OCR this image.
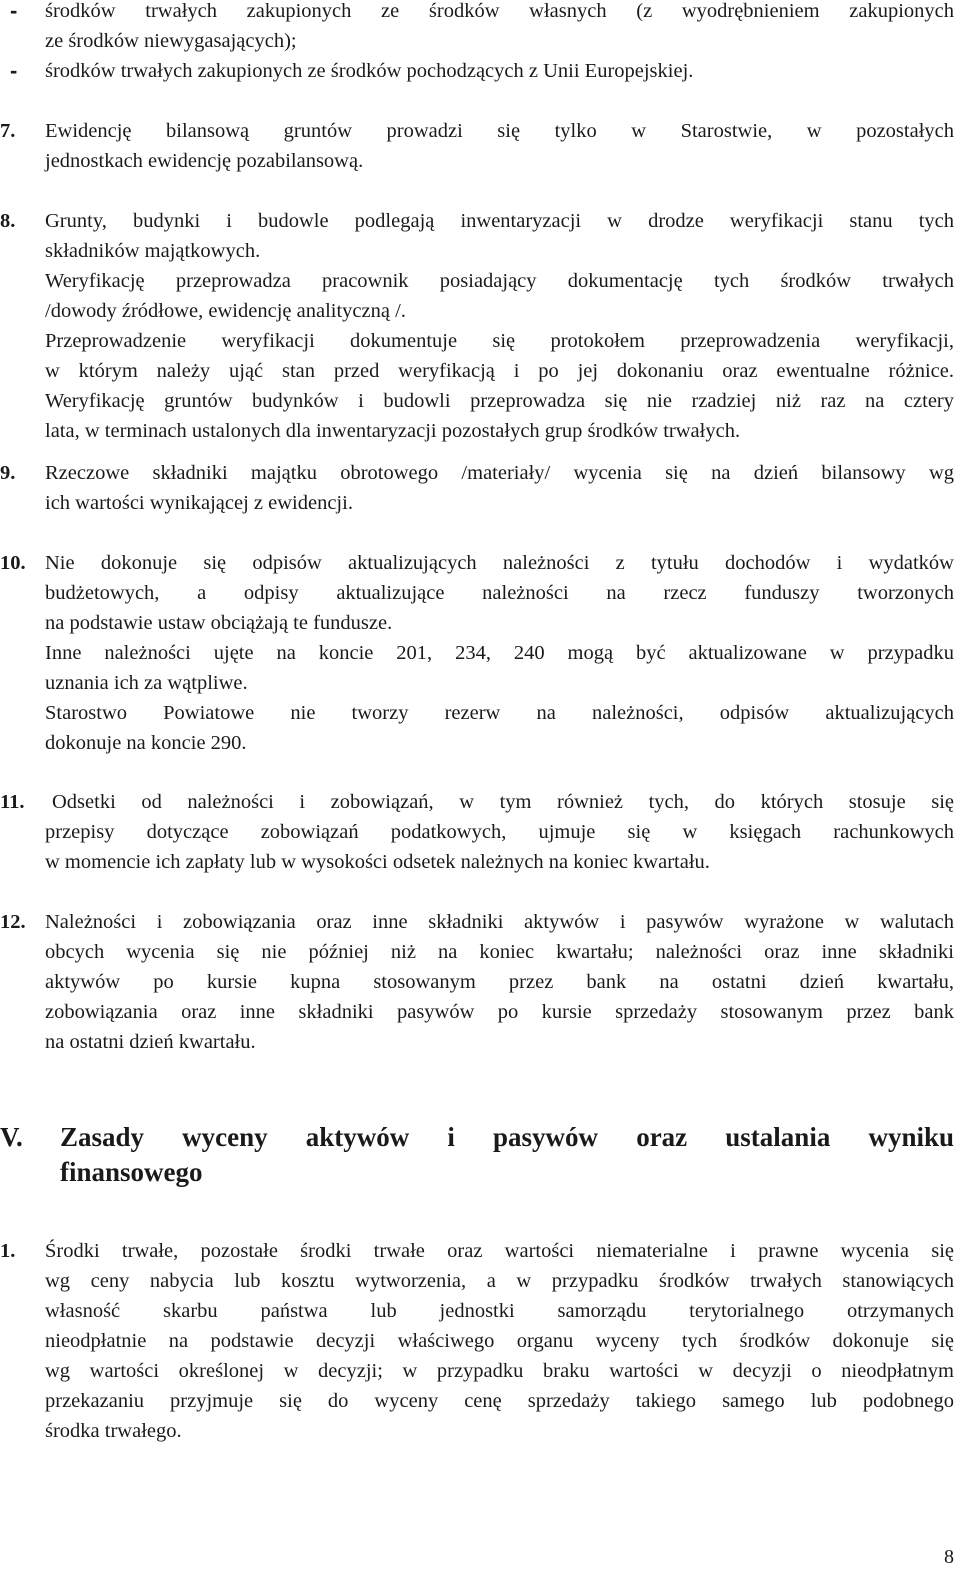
- środków trwałych zakupionych ze środków własnych (z wyodrębnieniem zakupionych
ze środków niewygasających);
- środków trwałych zakupionych ze środków pochodzących z Unii Europejskiej.
7. Ewidencję bilansową gruntów prowadzi się tylko w Starostwie, w pozostałych
jednostkach ewidencję pozabilansową.
8. Grunty, budynki i budowle podlegają inwentaryzacji w drodze weryfikacji stanu tych
składników majątkowych.
Weryfikację przeprowadza pracownik posiadający dokumentację tych środków trwałych
/dowody źródłowe, ewidencję analityczną /.
Przeprowadzenie weryfikacji dokumentuje się protokołem przeprowadzenia weryfikacji,
w którym należy ująć stan przed weryfikacją i po jej dokonaniu oraz ewentualne różnice.
Weryfikację gruntów budynków i budowli przeprowadza się nie rzadziej niż raz na cztery
lata, w terminach ustalonych dla inwentaryzacji pozostałych grup środków trwałych.
9. Rzeczowe składniki majątku obrotowego /materiały/ wycenia się na dzień bilansowy wg
ich wartości wynikającej z ewidencji.
10. Nie dokonuje się odpisów aktualizujących należności z tytułu dochodów i wydatków
budżetowych, a odpisy aktualizujące należności na rzecz funduszy tworzonych
na podstawie ustaw obciążają te fundusze.
Inne należności ujęte na koncie 201, 234, 240 mogą być aktualizowane w przypadku
uznania ich za wątpliwe.
Starostwo Powiatowe nie tworzy rezerw na należności, odpisów aktualizujących
dokonuje na koncie 290.
11. Odsetki od należności i zobowiązań, w tym również tych, do których stosuje się
przepisy dotyczące zobowiązań podatkowych, ujmuje się w księgach rachunkowych
w momencie ich zapłaty lub w wysokości odsetek należnych na koniec kwartału.
12. Należności i zobowiązania oraz inne składniki aktywów i pasywów wyrażone w walutach
obcych wycenia się nie później niż na koniec kwartału; należności oraz inne składniki
aktywów po kursie kupna stosowanym przez bank na ostatni dzień kwartału,
zobowiązania oraz inne składniki pasywów po kursie sprzedaży stosowanym przez bank
na ostatni dzień kwartału.
V. Zasady wyceny aktywów i pasywów oraz ustalania wyniku
finansowego
1. Środki trwałe, pozostałe środki trwałe oraz wartości niematerialne i prawne wycenia się
wg ceny nabycia lub kosztu wytworzenia, a w przypadku środków trwałych stanowiących
własność skarbu państwa lub jednostki samorządu terytorialnego otrzymanych
nieodpłatnie na podstawie decyzji właściwego organu wyceny tych środków dokonuje się
wg wartości określonej w decyzji; w przypadku braku wartości w decyzji o nieodpłatnym
przekazaniu przyjmuje się do wyceny cenę sprzedaży takiego samego lub podobnego
środka trwałego.
8
